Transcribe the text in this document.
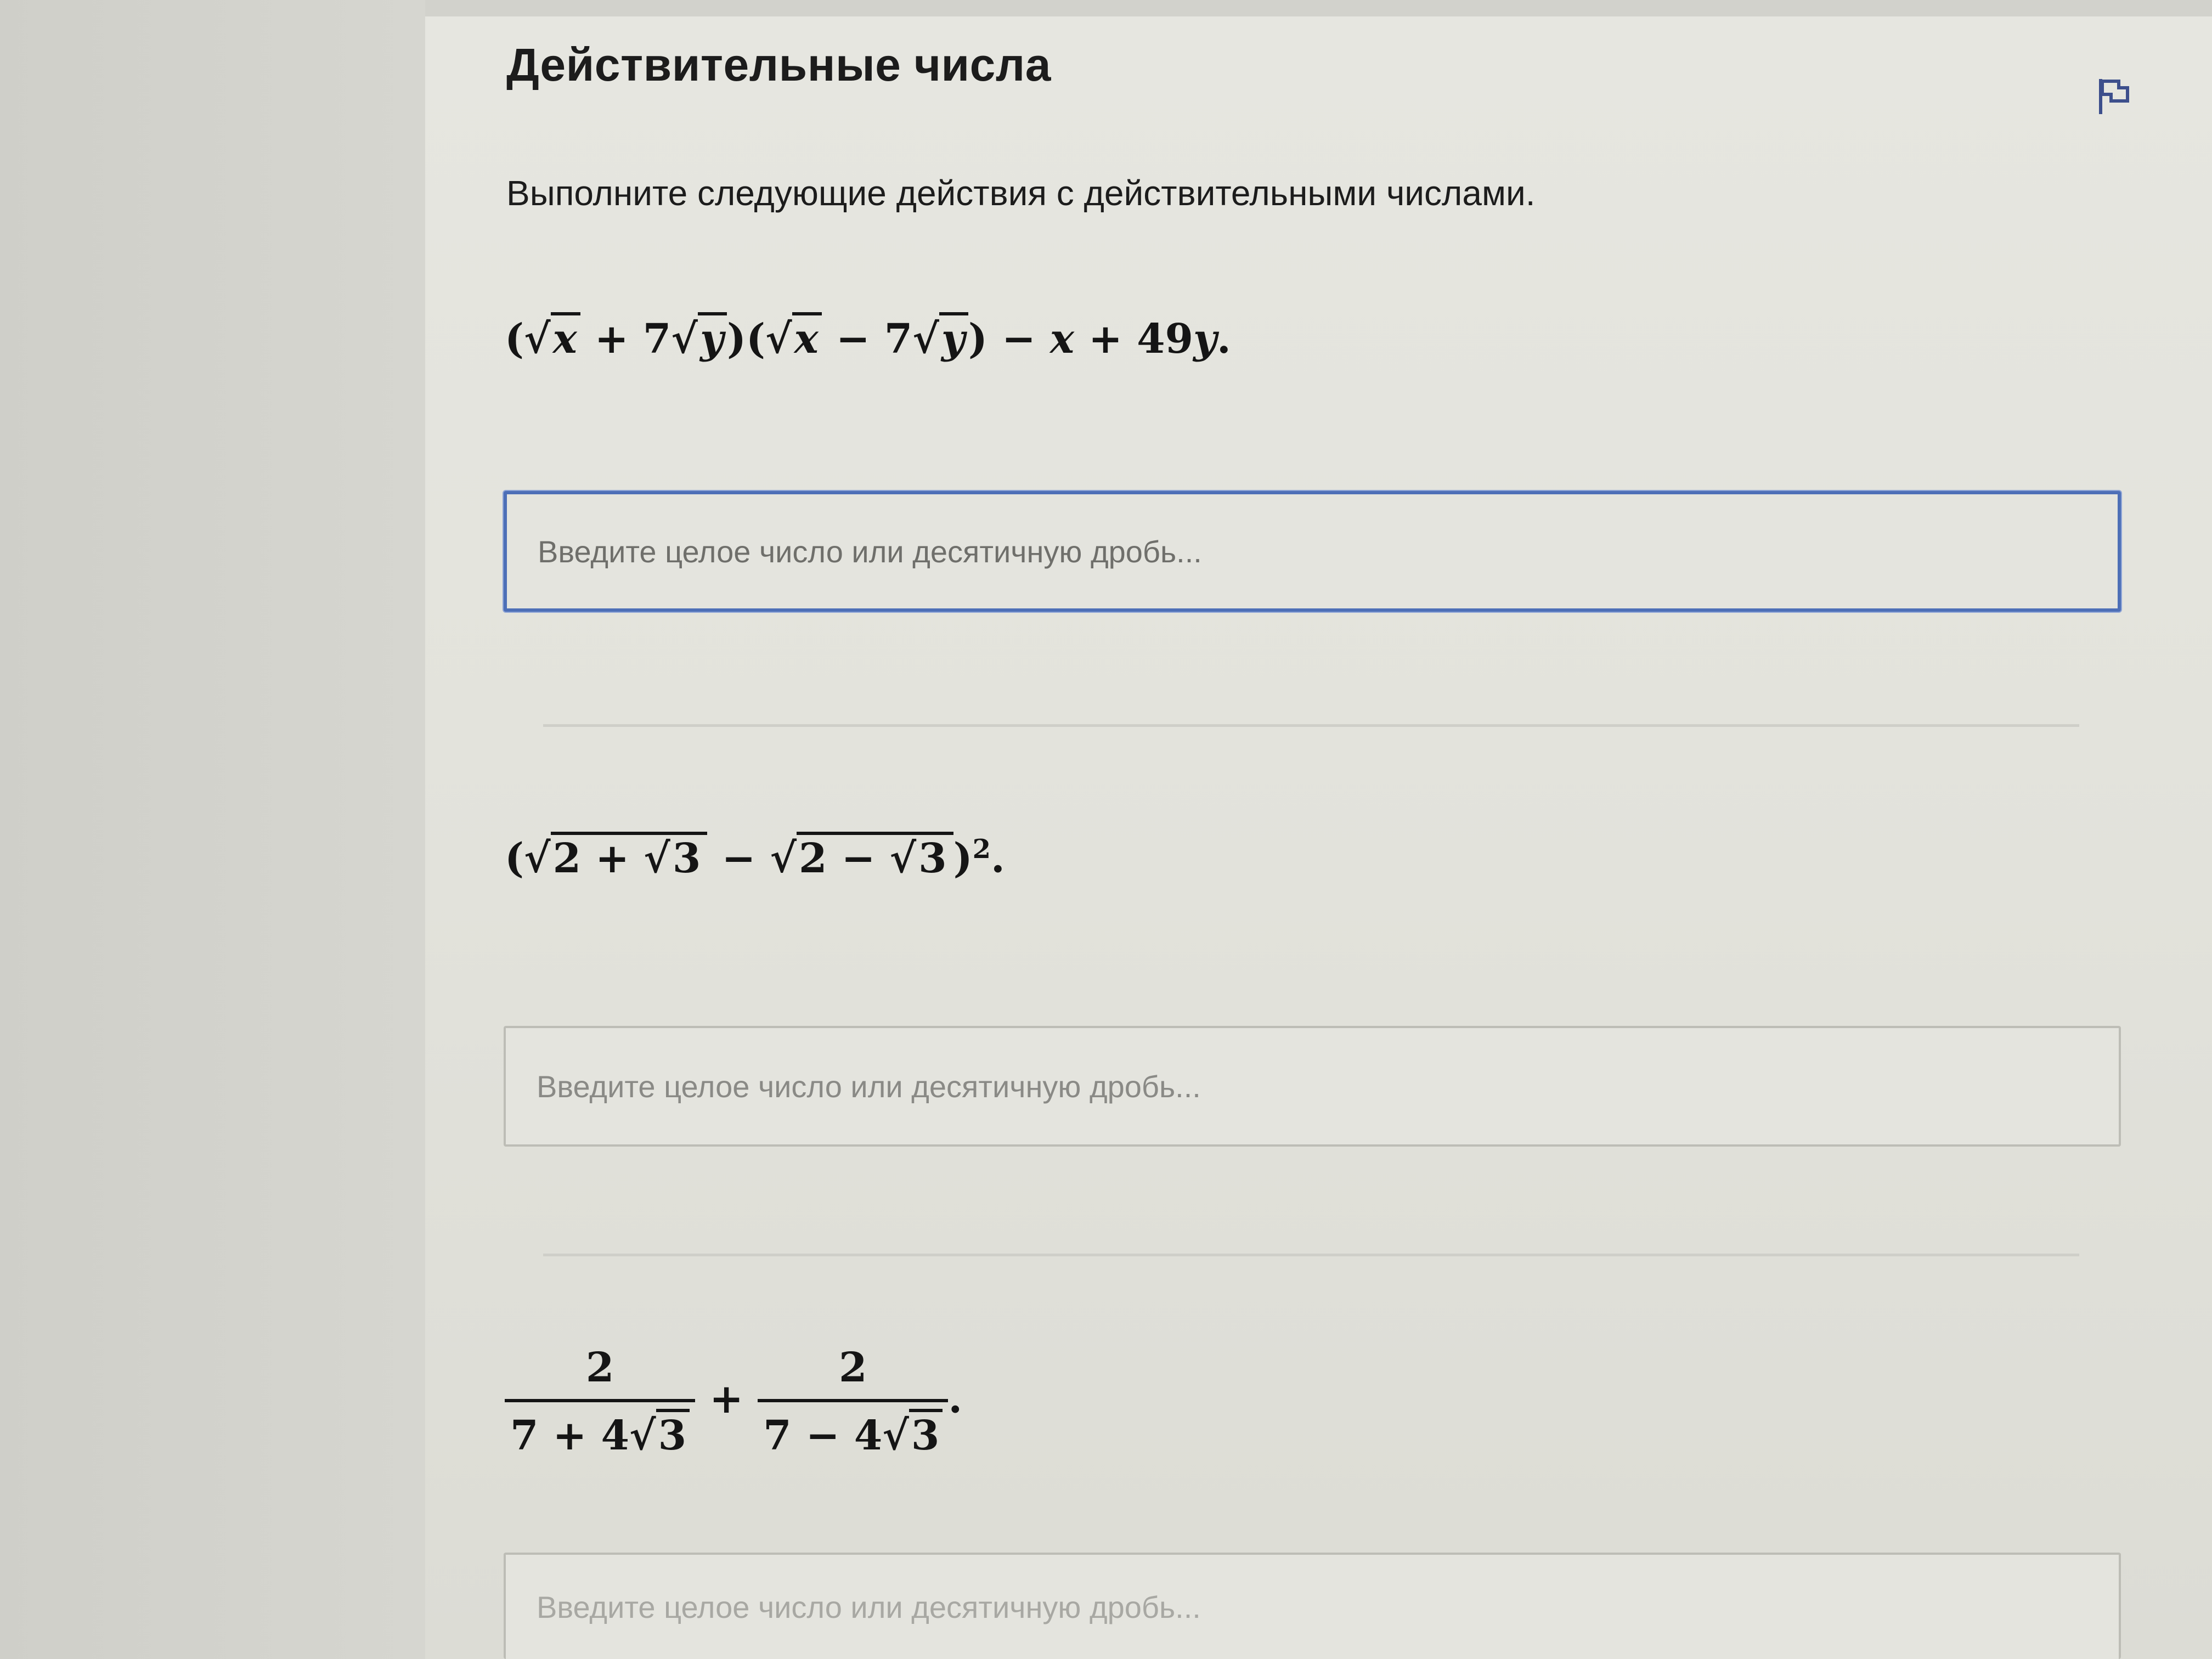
Действительные числа

Выполните следующие действия с действительными числами.

(√x + 7√y)(√x − 7√y) − x + 49y.
Введите целое число или десятичную дробь...
(√2 + √3 − √2 − √3 )$^2$.
Введите целое число или десятичную дробь...
$\frac{2}{7 + 4√3} + \frac{2}{7 - 4√3}$ .
Введите целое число или десятичную дробь...
